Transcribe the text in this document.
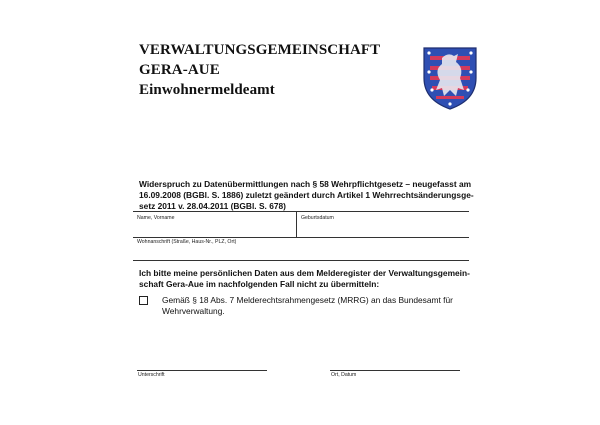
VERWALTUNGSGEMEINSCHAFT
GERA-AUE
Einwohnermeldeamt
Widerspruch zu Datenübermittlungen nach § 58 Wehrpflichtgesetz – neugefasst am
16.09.2008 (BGBl. S. 1886) zuletzt geändert durch Artikel 1 Wehrrechtsänderungsge-
setz 2011 v. 28.04.2011 (BGBl. S. 678)
Name, Vorname	Geburtsdatum
Wohnanschrift (Straße, Haus-Nr., PLZ, Ort)
Ich bitte meine persönlichen Daten aus dem Melderegister der Verwaltungsgemein-
schaft Gera-Aue im nachfolgenden Fall nicht zu übermitteln:
Gemäß § 18 Abs. 7 Melderechtsrahmengesetz (MRRG) an das Bundesamt für
Wehrverwaltung.
Unterschrift	Ort, Datum
